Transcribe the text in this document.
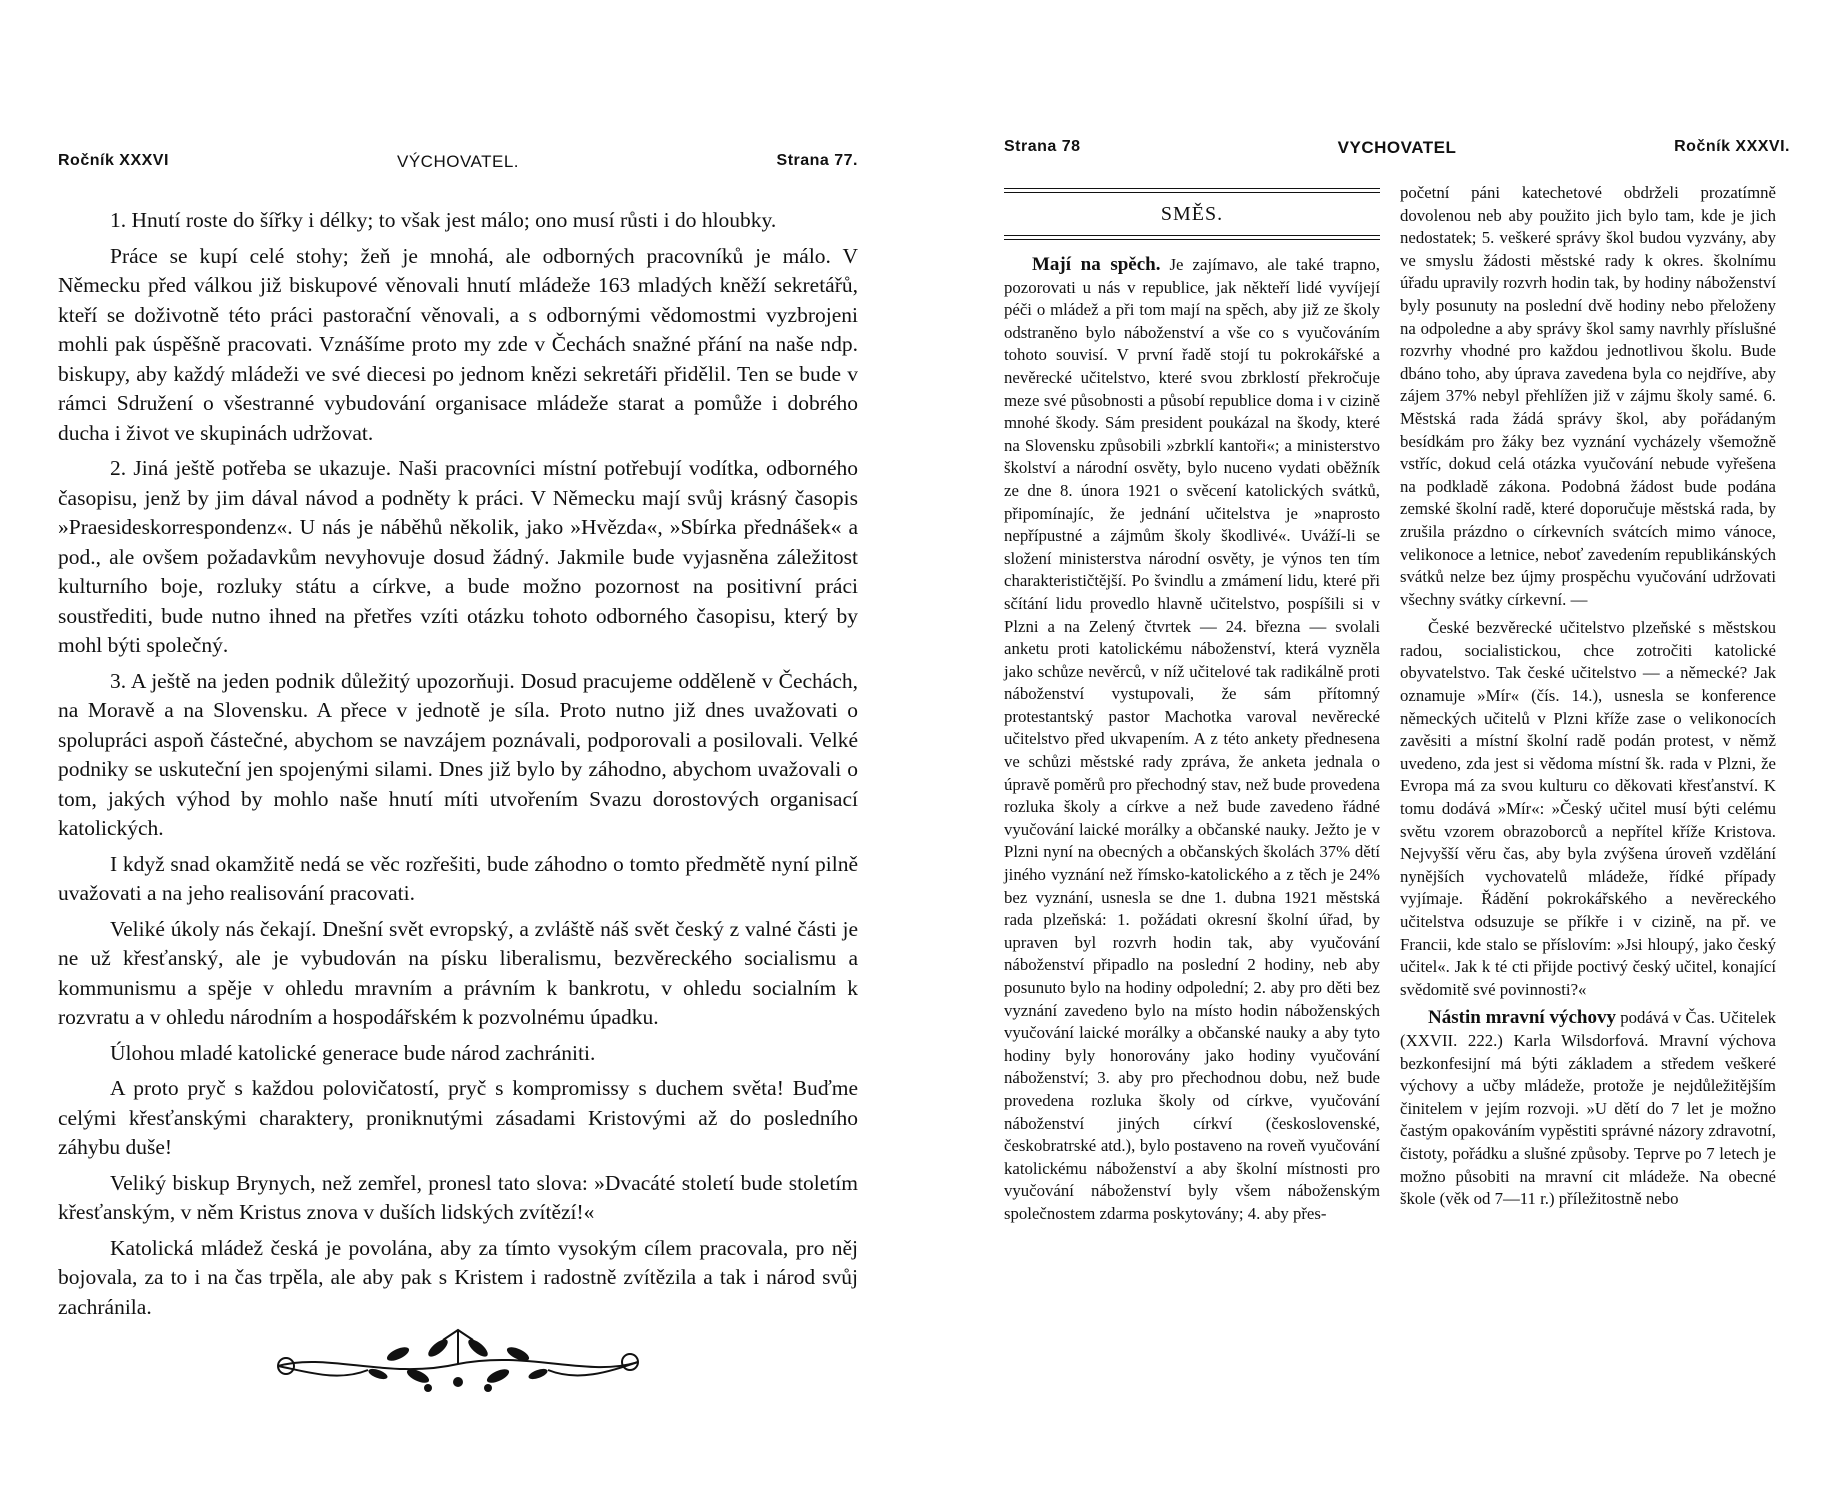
Ročník XXXVI	VÝCHOVATEL.	Strana 77.

1. Hnutí roste do šířky i délky; to však jest málo; ono musí růsti i do hloubky.

Práce se kupí celé stohy; žeň je mnohá, ale odborných pracovníků je málo. V Německu před válkou již biskupové věnovali hnutí mládeže 163 mladých kněží sekretářů, kteří se doživotně této práci pastorační věnovali, a s odbornými vědomostmi vyzbrojeni mohli pak úspěšně pracovati. Vznášíme proto my zde v Čechách snažné přání na naše ndp. biskupy, aby každý mládeži ve své diecesi po jednom knězi sekretáři přidělil. Ten se bude v rámci Sdružení o všestranné vybudování organisace mládeže starat a pomůže i dobrého ducha i život ve skupinách udržovat.

2. Jiná ještě potřeba se ukazuje. Naši pracovníci místní potřebují vodítka, odborného časopisu, jenž by jim dával návod a podněty k práci. V Německu mají svůj krásný časopis »Praesideskorrespondenz«. U nás je náběhů několik, jako »Hvězda«, »Sbírka přednášek« a pod., ale ovšem požadavkům nevyhovuje dosud žádný. Jakmile bude vyjasněna záležitost kulturního boje, rozluky státu a církve, a bude možno pozornost na positivní práci soustřediti, bude nutno ihned na přetřes vzíti otázku tohoto odborného časopisu, který by mohl býti společný.

3. A ještě na jeden podnik důležitý upozorňuji. Dosud pracujeme odděleně v Čechách, na Moravě a na Slovensku. A přece v jednotě je síla. Proto nutno již dnes uvažovati o spolupráci aspoň částečné, abychom se navzájem poznávali, podporovali a posilovali. Velké podniky se uskuteční jen spojenými silami. Dnes již bylo by záhodno, abychom uvažovali o tom, jakých výhod by mohlo naše hnutí míti utvořením Svazu dorostových organisací katolických.

I když snad okamžitě nedá se věc rozřešiti, bude záhodno o tomto předmětě nyní pilně uvažovati a na jeho realisování pracovati.

Veliké úkoly nás čekají. Dnešní svět evropský, a zvláště náš svět český z valné části je ne už křesťanský, ale je vybudován na písku liberalismu, bezvěreckého socialismu a kommunismu a spěje v ohledu mravním a právním k bankrotu, v ohledu socialním k rozvratu a v ohledu národním a hospodářském k pozvolnému úpadku.

Úlohou mladé katolické generace bude národ zachrániti.

A proto pryč s každou polovičatostí, pryč s kompromissy s duchem světa! Buďme celými křesťanskými charaktery, proniknutými zásadami Kristovými až do posledního záhybu duše!

Veliký biskup Brynych, než zemřel, pronesl tato slova: »Dvacáté století bude stoletím křesťanským, v něm Kristus znova v duších lidských zvítězí!«

Katolická mládež česká je povolána, aby za tímto vysokým cílem pracovala, pro něj bojovala, za to i na čas trpěla, ale aby pak s Kristem i radostně zvítězila a tak i národ svůj zachránila.

Strana 78	VYCHOVATEL	Ročník XXXVI.
SMĚS.

Mají na spěch. Je zajímavo, ale také trapno, pozorovati u nás v republice, jak někteří lidé vyvíjejí péči o mládež a při tom mají na spěch, aby již ze školy odstraněno bylo náboženství a vše co s vyučováním tohoto souvisí. V první řadě stojí tu pokrokářské a nevěrecké učitelstvo, které svou zbrklostí překročuje meze své působnosti a působí republice doma i v cizině mnohé škody. Sám president poukázal na škody, které na Slovensku způsobili »zbrklí kantoři«; a ministerstvo školství a národní osvěty, bylo nuceno vydati oběžník ze dne 8. února 1921 o svěcení katolických svátků, připomínajíc, že jednání učitelstva je »naprosto nepřípustné a zájmům školy škodlivé«. Uváží-li se složení ministerstva národní osvěty, je výnos ten tím charakterističtější. Po švindlu a zmámení lidu, které při sčítání lidu provedlo hlavně učitelstvo, pospíšili si v Plzni a na Zelený čtvrtek — 24. března — svolali anketu proti katolickému náboženství, která vyzněla jako schůze nevěrců, v níž učitelové tak radikálně proti náboženství vystupovali, že sám přítomný protestantský pastor Machotka varoval nevěrecké učitelstvo před ukvapením. A z této ankety přednesena ve schůzi městské rady zpráva, že anketa jednala o úpravě poměrů pro přechodný stav, než bude provedena rozluka školy a církve a než bude zavedeno řádné vyučování laické morálky a občanské nauky. Ježto je v Plzni nyní na obecných a občanských školách 37% dětí jiného vyznání než římsko-katolického a z těch je 24% bez vyznání, usnesla se dne 1. dubna 1921 městská rada plzeňská: 1. požádati okresní školní úřad, by upraven byl rozvrh hodin tak, aby vyučování náboženství připadlo na poslední 2 hodiny, neb aby posunuto bylo na hodiny odpolední; 2. aby pro děti bez vyznání zavedeno bylo na místo hodin náboženských vyučování laické morálky a občanské nauky a aby tyto hodiny byly honorovány jako hodiny vyučování náboženství; 3. aby pro přechodnou dobu, než bude provedena rozluka školy od církve, vyučování náboženství jiných církví (československé, českobratrské atd.), bylo postaveno na roveň vyučování katolickému náboženství a aby školní místnosti pro vyučování náboženství byly všem náboženským společnostem zdarma poskytovány; 4. aby přes-

početní páni katechetové obdrželi prozatímně dovolenou neb aby použito jich bylo tam, kde je jich nedostatek; 5. veškeré správy škol budou vyzvány, aby ve smyslu žádosti městské rady k okres. školnímu úřadu upravily rozvrh hodin tak, by hodiny náboženství byly posunuty na poslední dvě hodiny nebo přeloženy na odpoledne a aby správy škol samy navrhly příslušné rozvrhy vhodné pro každou jednotlivou školu. Bude dbáno toho, aby úprava zavedena byla co nejdříve, aby zájem 37% nebyl přehlížen již v zájmu školy samé. 6. Městská rada žádá správy škol, aby pořádaným besídkám pro žáky bez vyznání vycházely všemožně vstříc, dokud celá otázka vyučování nebude vyřešena na podkladě zákona. Podobná žádost bude podána zemské školní radě, které doporučuje městská rada, by zrušila prázdno o církevních svátcích mimo vánoce, velikonoce a letnice, neboť zavedením republikánských svátků nelze bez újmy prospěchu vyučování udržovati všechny svátky církevní. —

České bezvěrecké učitelstvo plzeňské s městskou radou, socialistickou, chce zotročiti katolické obyvatelstvo. Tak české učitelstvo — a německé? Jak oznamuje »Mír« (čís. 14.), usnesla se konference německých učitelů v Plzni kříže zase o velikonocích zavěsiti a místní školní radě podán protest, v němž uvedeno, zda jest si vědoma místní šk. rada v Plzni, že Evropa má za svou kulturu co děkovati křesťanství. K tomu dodává »Mír«: »Český učitel musí býti celému světu vzorem obrazoborců a nepřítel kříže Kristova. Nejvyšší věru čas, aby byla zvýšena úroveň vzdělání nynějších vychovatelů mládeže, řídké případy vyjímaje. Řádění pokrokářského a nevěreckého učitelstva odsuzuje se příkře i v cizině, na př. ve Francii, kde stalo se příslovím: »Jsi hloupý, jako český učitel«. Jak k té cti přijde poctivý český učitel, konající svědomitě své povinnosti?«

Nástin mravní výchovy podává v Čas. Učitelek (XXVII. 222.) Karla Wilsdorfová. Mravní výchova bezkonfesijní má býti základem a středem veškeré výchovy a učby mládeže, protože je nejdůležitějším činitelem v jejím rozvoji. »U dětí do 7 let je možno častým opakováním vypěstiti správné názory zdravotní, čistoty, pořádku a slušné způsoby. Teprve po 7 letech je možno působiti na mravní cit mládeže. Na obecné škole (věk od 7—11 r.) příležitostně nebo
